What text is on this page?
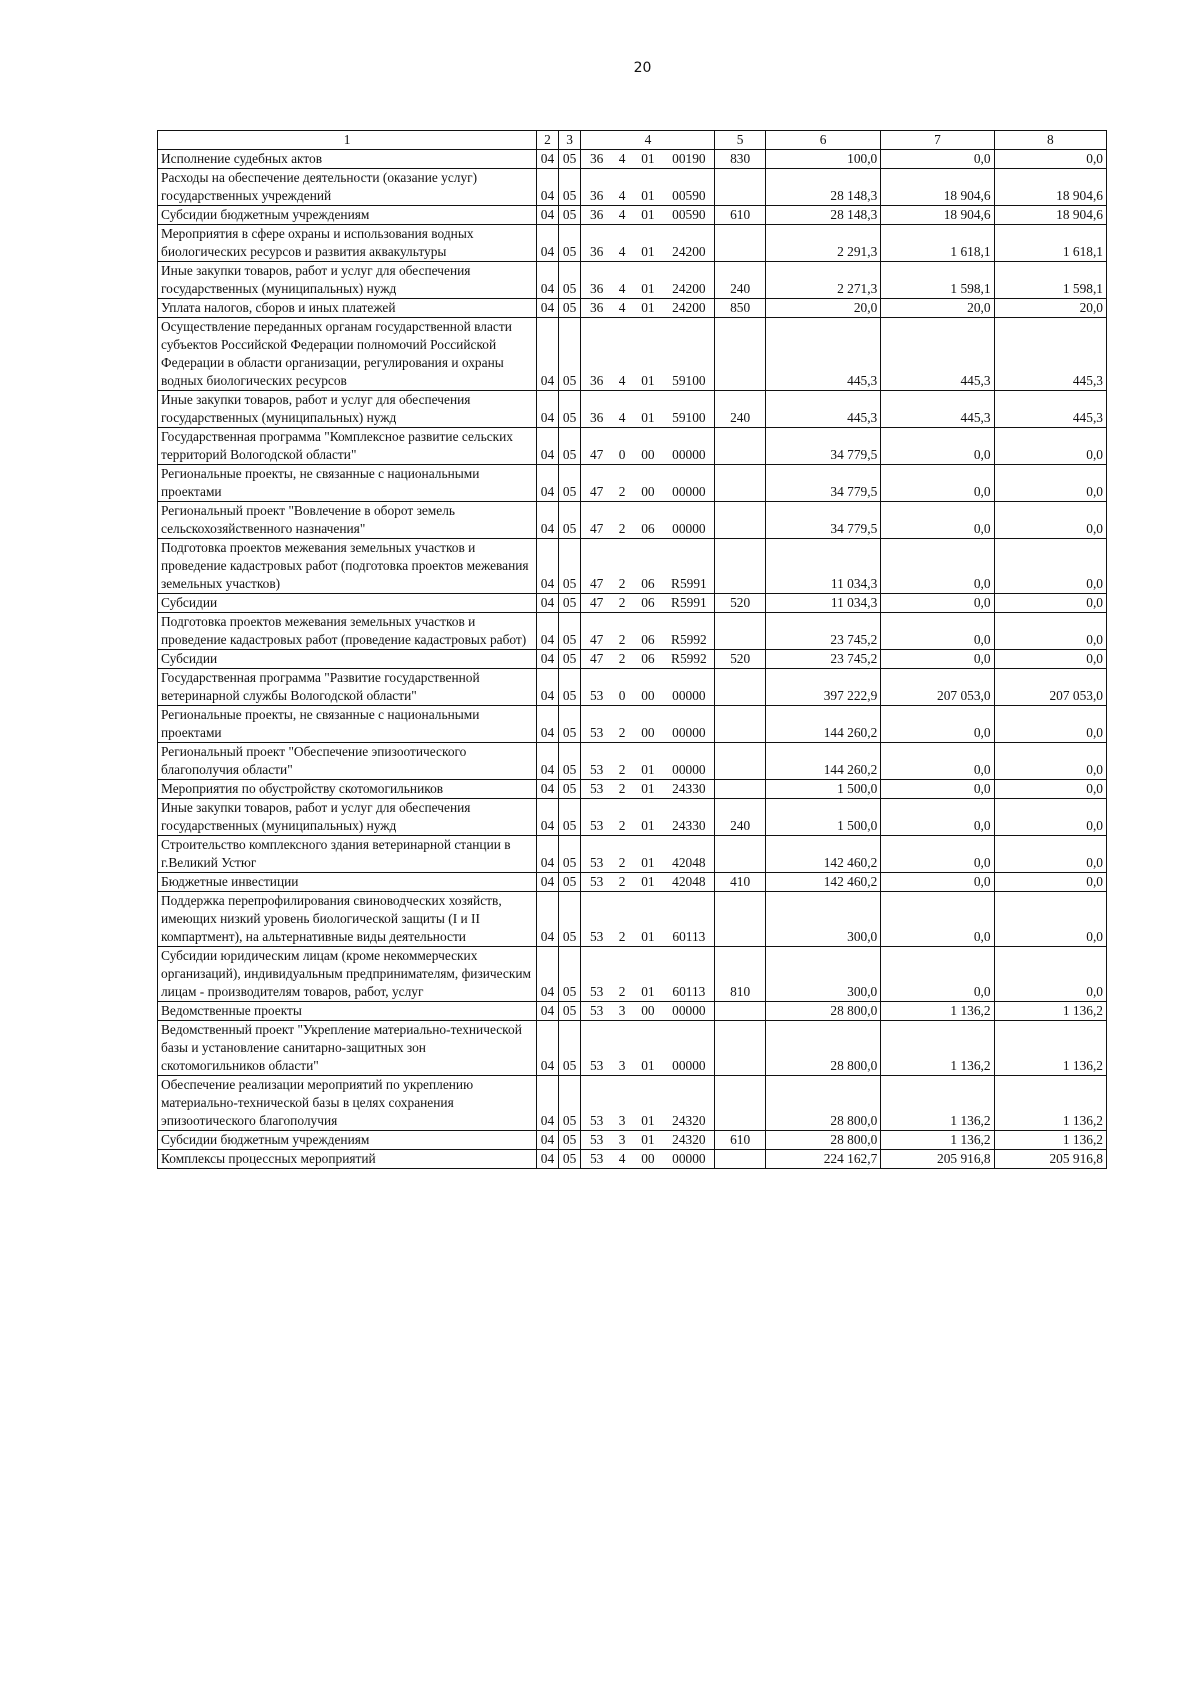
20
1	2	3	4				5	6	7	8
Исполнение судебных актов	04	05	36	4	01	00190	830	100,0	0,0	0,0
Расходы на обеспечение деятельности (оказание услуг) государственных учреждений	04	05	36	4	01	00590		28 148,3	18 904,6	18 904,6
Субсидии бюджетным учреждениям	04	05	36	4	01	00590	610	28 148,3	18 904,6	18 904,6
Мероприятия в сфере охраны и использования водных биологических ресурсов и развития аквакультуры	04	05	36	4	01	24200		2 291,3	1 618,1	1 618,1
Иные закупки товаров, работ и услуг для обеспечения государственных (муниципальных) нужд	04	05	36	4	01	24200	240	2 271,3	1 598,1	1 598,1
Уплата налогов, сборов и иных платежей	04	05	36	4	01	24200	850	20,0	20,0	20,0
Осуществление переданных органам государственной власти субъектов Российской Федерации полномочий Российской Федерации в области организации, регулирования и охраны водных биологических ресурсов	04	05	36	4	01	59100		445,3	445,3	445,3
Иные закупки товаров, работ и услуг для обеспечения государственных (муниципальных) нужд	04	05	36	4	01	59100	240	445,3	445,3	445,3
Государственная программа "Комплексное развитие сельских территорий Вологодской области"	04	05	47	0	00	00000		34 779,5	0,0	0,0
Региональные проекты, не связанные с национальными проектами	04	05	47	2	00	00000		34 779,5	0,0	0,0
Региональный проект "Вовлечение в оборот земель сельскохозяйственного назначения"	04	05	47	2	06	00000		34 779,5	0,0	0,0
Подготовка проектов межевания земельных участков и проведение кадастровых работ (подготовка проектов межевания земельных участков)	04	05	47	2	06	R5991		11 034,3	0,0	0,0
Субсидии	04	05	47	2	06	R5991	520	11 034,3	0,0	0,0
Подготовка проектов межевания земельных участков и проведение кадастровых работ (проведение кадастровых работ)	04	05	47	2	06	R5992		23 745,2	0,0	0,0
Субсидии	04	05	47	2	06	R5992	520	23 745,2	0,0	0,0
Государственная программа "Развитие государственной ветеринарной службы Вологодской области"	04	05	53	0	00	00000		397 222,9	207 053,0	207 053,0
Региональные проекты, не связанные с национальными проектами	04	05	53	2	00	00000		144 260,2	0,0	0,0
Региональный проект "Обеспечение эпизоотического благополучия области"	04	05	53	2	01	00000		144 260,2	0,0	0,0
Мероприятия по обустройству скотомогильников	04	05	53	2	01	24330		1 500,0	0,0	0,0
Иные закупки товаров, работ и услуг для обеспечения государственных (муниципальных) нужд	04	05	53	2	01	24330	240	1 500,0	0,0	0,0
Строительство комплексного здания ветеринарной станции в г.Великий Устюг	04	05	53	2	01	42048		142 460,2	0,0	0,0
Бюджетные инвестиции	04	05	53	2	01	42048	410	142 460,2	0,0	0,0
Поддержка перепрофилирования свиноводческих хозяйств, имеющих низкий уровень биологической защиты (I и II компартмент), на альтернативные виды деятельности	04	05	53	2	01	60113		300,0	0,0	0,0
Субсидии юридическим лицам (кроме некоммерческих организаций), индивидуальным предпринимателям, физическим лицам - производителям товаров, работ, услуг	04	05	53	2	01	60113	810	300,0	0,0	0,0
Ведомственные проекты	04	05	53	3	00	00000		28 800,0	1 136,2	1 136,2
Ведомственный проект "Укрепление материально-технической базы и установление санитарно-защитных зон скотомогильников области"	04	05	53	3	01	00000		28 800,0	1 136,2	1 136,2
Обеспечение реализации мероприятий по укреплению материально-технической базы в целях сохранения эпизоотического благополучия	04	05	53	3	01	24320		28 800,0	1 136,2	1 136,2
Субсидии бюджетным учреждениям	04	05	53	3	01	24320	610	28 800,0	1 136,2	1 136,2
Комплексы процессных мероприятий	04	05	53	4	00	00000		224 162,7	205 916,8	205 916,8
